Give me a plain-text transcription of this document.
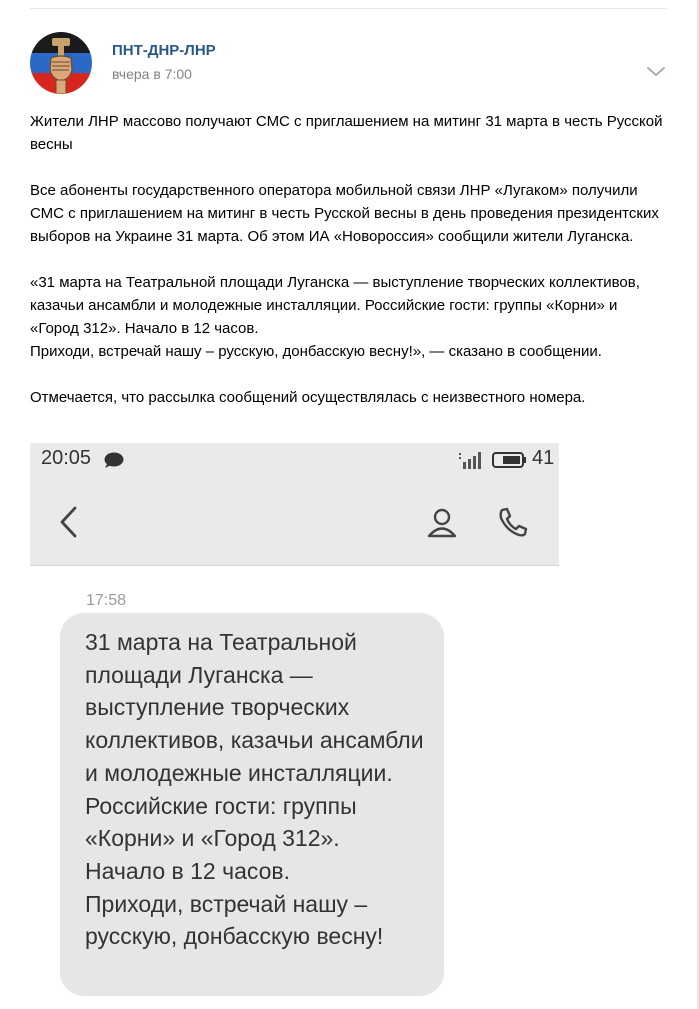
ПНТ-ДНР-ЛНР
вчера в 7:00
Жители ЛНР массово получают СМС с приглашением на митинг 31 марта в честь Русской весны

Все абоненты государственного оператора мобильной связи ЛНР «Лугаком» получили СМС с приглашением на митинг в честь Русской весны в день проведения президентских выборов на Украине 31 марта. Об этом ИА «Новороссия» сообщили жители Луганска.

«31 марта на Театральной площади Луганска — выступление творческих коллективов, казачьи ансамбли и молодежные инсталляции. Российские гости: группы «Корни» и «Город 312». Начало в 12 часов.
Приходи, встречай нашу – русскую, донбасскую весну!», — сказано в сообщении.

Отмечается, что рассылка сообщений осуществлялась с неизвестного номера.
20:05	41
17:58
31 марта на Театральной площади Луганска — выступление творческих коллективов, казачьи ансамбли и молодежные инсталляции.
Российские гости: группы «Корни» и «Город 312».
Начало в 12 часов.
Приходи, встречай нашу – русскую, донбасскую весну!
